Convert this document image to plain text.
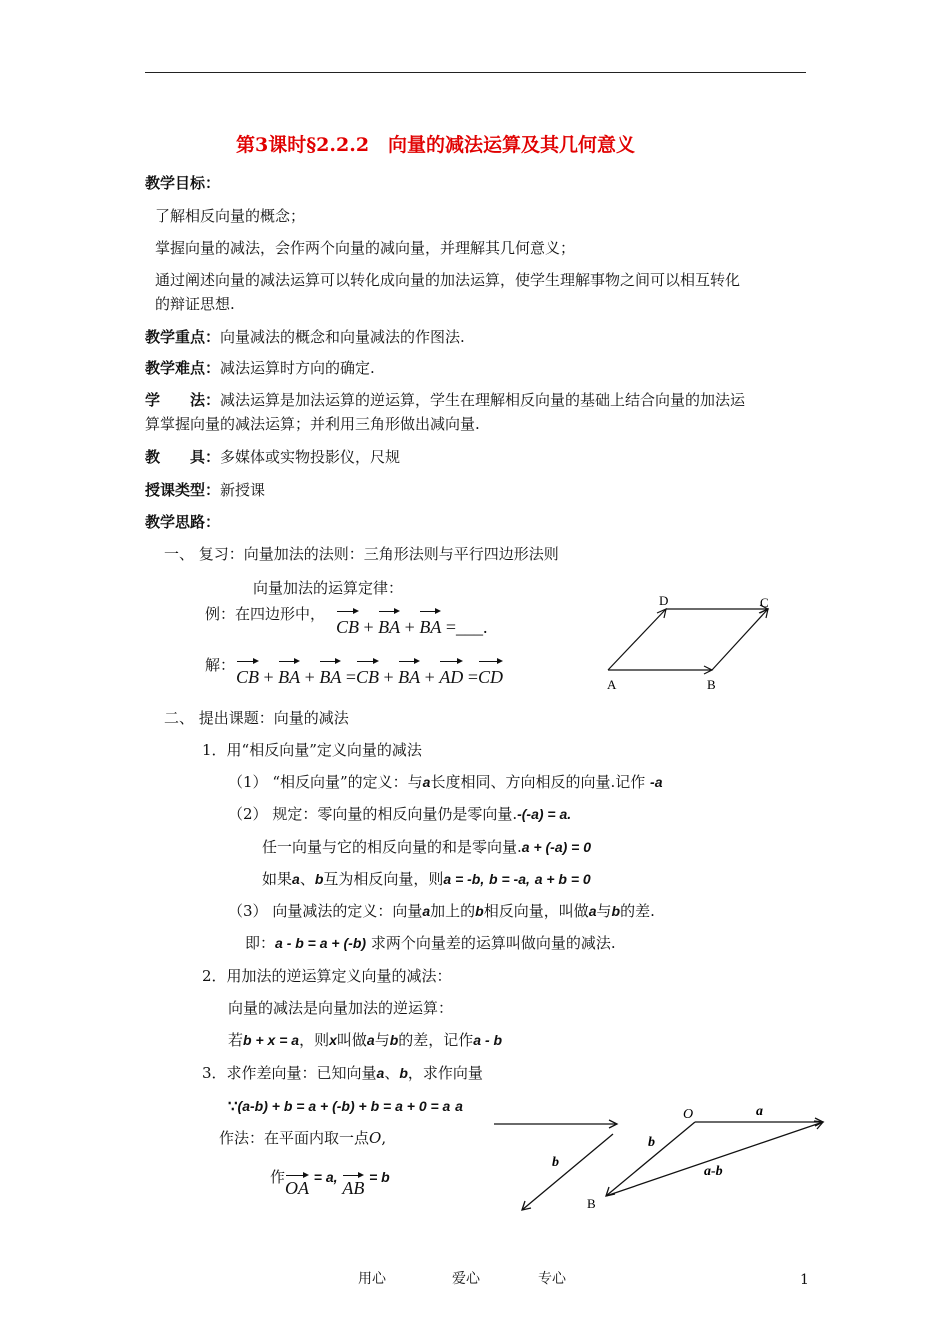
第3课时§2.2.2　向量的减法运算及其几何意义
教学目标：
了解相反向量的概念；
掌握向量的减法，会作两个向量的减向量，并理解其几何意义；
通过阐述向量的减法运算可以转化成向量的加法运算，使学生理解事物之间可以相互转化
的辩证思想.
教学重点：向量减法的概念和向量减法的作图法.
教学难点：减法运算时方向的确定.
学　　法：减法运算是加法运算的逆运算，学生在理解相反向量的基础上结合向量的加法运
算掌握向量的减法运算；并利用三角形做出减向量.
教　　具：多媒体或实物投影仪，尺规
授课类型：新授课
教学思路：
一、 复习：向量加法的法则：三角形法则与平行四边形法则
向量加法的运算定律：
例：在四边形中，
CB + BA + BA =___.
解：
CB + BA + BA =CB + BA + AD =CD
D	C
A	B
二、 提出课题：向量的减法
1．用“相反向量”定义向量的减法
（1） “相反向量”的定义：与a长度相同、方向相反的向量.记作 -a
（2） 规定：零向量的相反向量仍是零向量.-(-a) = a.
任一向量与它的相反向量的和是零向量.a + (-a) = 0
如果a、b互为相反向量，则a = -b, b = -a, a + b = 0
（3） 向量减法的定义：向量a加上的b相反向量，叫做a与b的差.
即：a - b = a + (-b) 求两个向量差的运算叫做向量的减法.
2．用加法的逆运算定义向量的减法：
向量的减法是向量加法的逆运算：
若b + x = a，则x叫做a与b的差，记作a - b
3．求作差向量：已知向量a、b，求作向量
∵(a-b) + b = a + (-b) + b = a + 0 = a a
作法：在平面内取一点O,
作OA = a, AB = b
b
O	a
b
a-b
B
用心	爱心	专心	1
